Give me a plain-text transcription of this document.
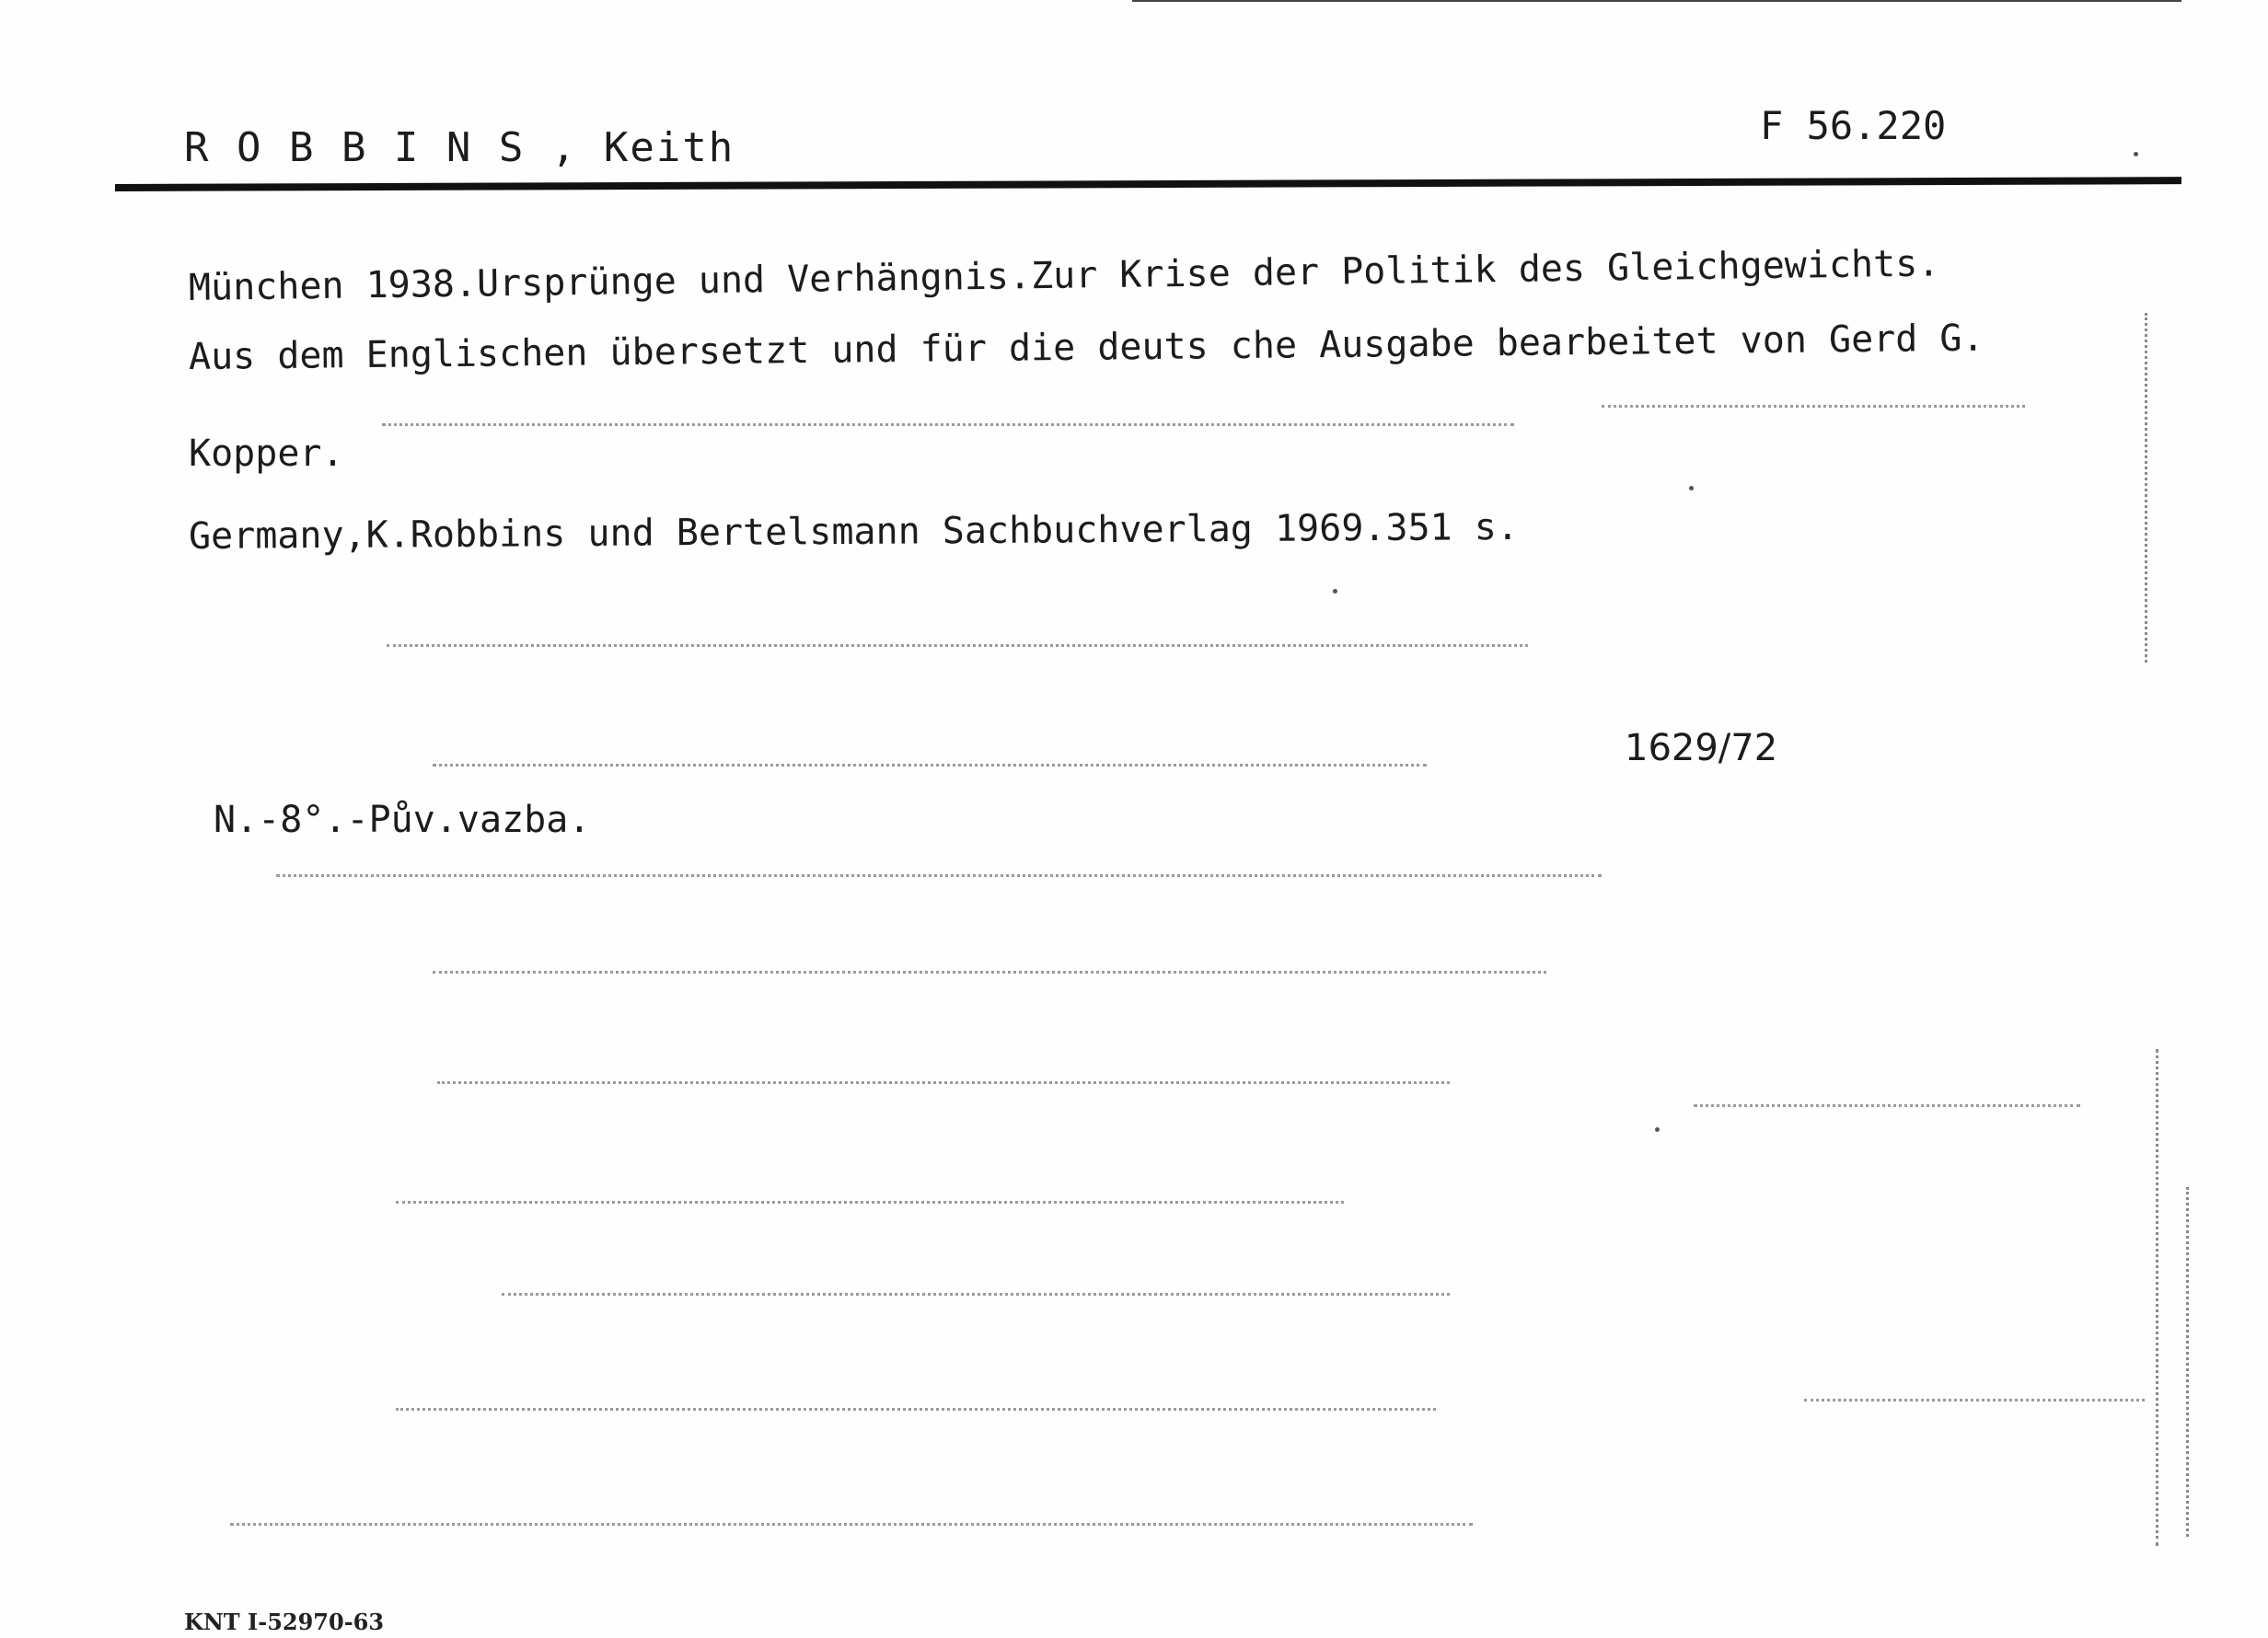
R O B B I N S , Keith	F 56.220
München 1938.Ursprünge und Verhängnis.Zur Krise der Politik des Gleichgewichts.
Aus dem Englischen übersetzt und für die deuts che Ausgabe bearbeitet von Gerd G.
Kopper.
Germany,K.Robbins und Bertelsmann Sachbuchverlag 1969.351 s.
1629/72
N.-8°.-Pův.vazba.
KNT I-52970-63
